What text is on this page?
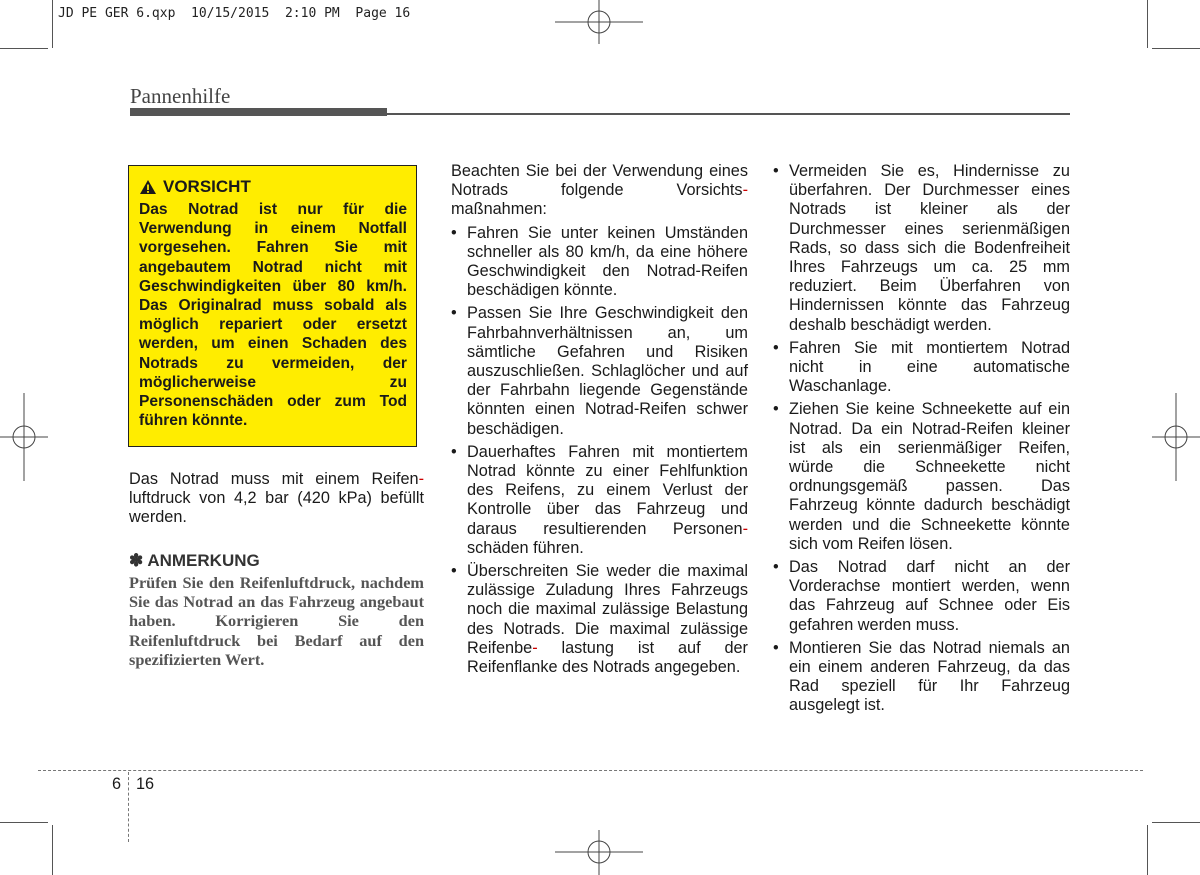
JD PE GER 6.qxp  10/15/2015  2:10 PM  Page 16
Pannenhilfe
VORSICHT
Das Notrad ist nur für die Verwendung in einem Notfall vorgesehen. Fahren Sie mit angebautem Notrad nicht mit Geschwindigkeiten über 80 km/h. Das Originalrad muss sobald als möglich repariert oder ersetzt werden, um einen Schaden des Notrads zu vermeiden, der möglicherweise zu Personenschäden oder zum Tod führen könnte.
Das Notrad muss mit einem Reifen- luftdruck von 4,2 bar (420 kPa) befüllt werden.
✽ ANMERKUNG
Prüfen Sie den Reifenluftdruck, nachdem Sie das Notrad an das Fahrzeug angebaut haben. Korrigieren Sie den Reifenluftdruck bei Bedarf auf den spezifizierten Wert.
Beachten Sie bei der Verwendung eines Notrads folgende Vorsichts- maßnahmen:
• Fahren Sie unter keinen Umständen schneller als 80 km/h, da eine höhere Geschwindigkeit den Notrad-Reifen beschädigen könnte.
• Passen Sie Ihre Geschwindigkeit den Fahrbahnverhältnissen an, um sämtliche Gefahren und Risiken auszuschließen. Schlaglöcher und auf der Fahrbahn liegende Gegenstände könnten einen Notrad-Reifen schwer beschädigen.
• Dauerhaftes Fahren mit montiertem Notrad könnte zu einer Fehlfunktion des Reifens, zu einem Verlust der Kontrolle über das Fahrzeug und daraus resultierenden Personen- schäden führen.
• Überschreiten Sie weder die maximal zulässige Zuladung Ihres Fahrzeugs noch die maximal zulässige Belastung des Notrads. Die maximal zulässige Reifenbe- lastung ist auf der Reifenflanke des Notrads angegeben.
• Vermeiden Sie es, Hindernisse zu überfahren. Der Durchmesser eines Notrads ist kleiner als der Durchmesser eines serienmäßigen Rads, so dass sich die Bodenfreiheit Ihres Fahrzeugs um ca. 25 mm reduziert. Beim Überfahren von Hindernissen könnte das Fahrzeug deshalb beschädigt werden.
• Fahren Sie mit montiertem Notrad nicht in eine automatische Waschanlage.
• Ziehen Sie keine Schneekette auf ein Notrad. Da ein Notrad-Reifen kleiner ist als ein serienmäßiger Reifen, würde die Schneekette nicht ordnungsgemäß passen. Das Fahrzeug könnte dadurch beschädigt werden und die Schneekette könnte sich vom Reifen lösen.
• Das Notrad darf nicht an der Vorderachse montiert werden, wenn das Fahrzeug auf Schnee oder Eis gefahren werden muss.
• Montieren Sie das Notrad niemals an ein einem anderen Fahrzeug, da das Rad speziell für Ihr Fahrzeug ausgelegt ist.
6 16
